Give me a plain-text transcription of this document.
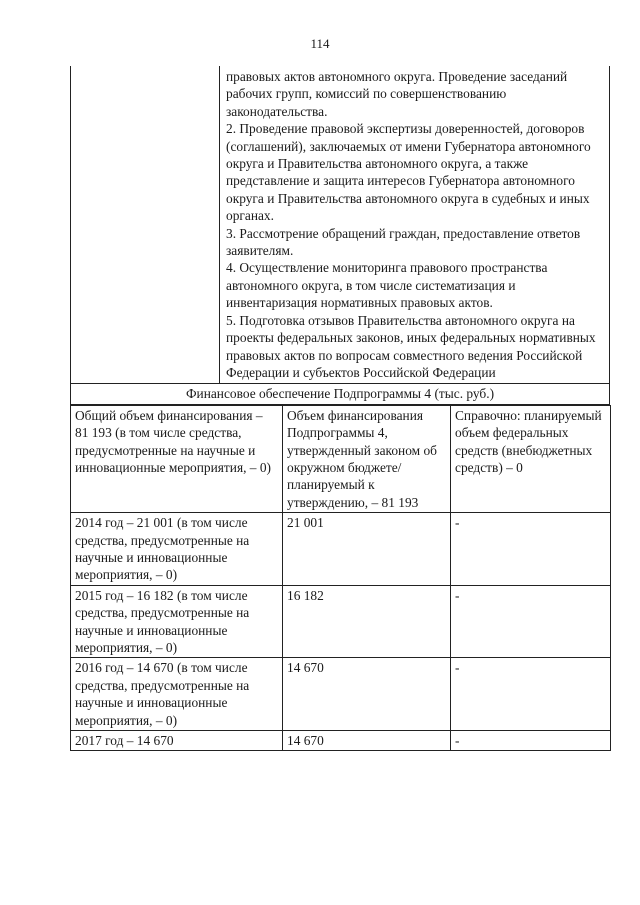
114

правовых актов автономного округа. Проведение заседаний рабочих групп, комиссий по совершенствованию законодательства.

2. Проведение правовой экспертизы доверенностей, договоров (соглашений), заключаемых от имени Губернатора автономного округа и Правительства автономного округа, а также представление и защита интересов Губернатора автономного округа и Правительства автономного округа в судебных и иных органах.

3. Рассмотрение обращений граждан, предоставление ответов заявителям.

4. Осуществление мониторинга правового пространства автономного округа, в том числе систематизация и инвентаризация нормативных правовых актов.

5. Подготовка отзывов Правительства автономного округа на проекты федеральных законов, иных федеральных нормативных правовых актов по вопросам совместного ведения Российской Федерации и субъектов Российской Федерации

Финансовое обеспечение Подпрограммы 4 (тыс. руб.)
Общий объем финансирования – 81 193 (в том числе средства, предусмотренные на научные и инновационные мероприятия, – 0)	Объем финансирования Подпрограммы 4, утвержденный законом об окружном бюджете/ планируемый к утверждению, – 81 193	Справочно: планируемый объем федеральных средств (внебюджетных средств) – 0
2014 год – 21 001 (в том числе средства, предусмотренные на научные и инновационные мероприятия, – 0)	21 001	-
2015 год – 16 182 (в том числе средства, предусмотренные на научные и инновационные мероприятия, – 0)	16 182	-
2016 год – 14 670 (в том числе средства, предусмотренные на научные и инновационные мероприятия, – 0)	14 670	-
2017 год – 14 670	14 670	-
